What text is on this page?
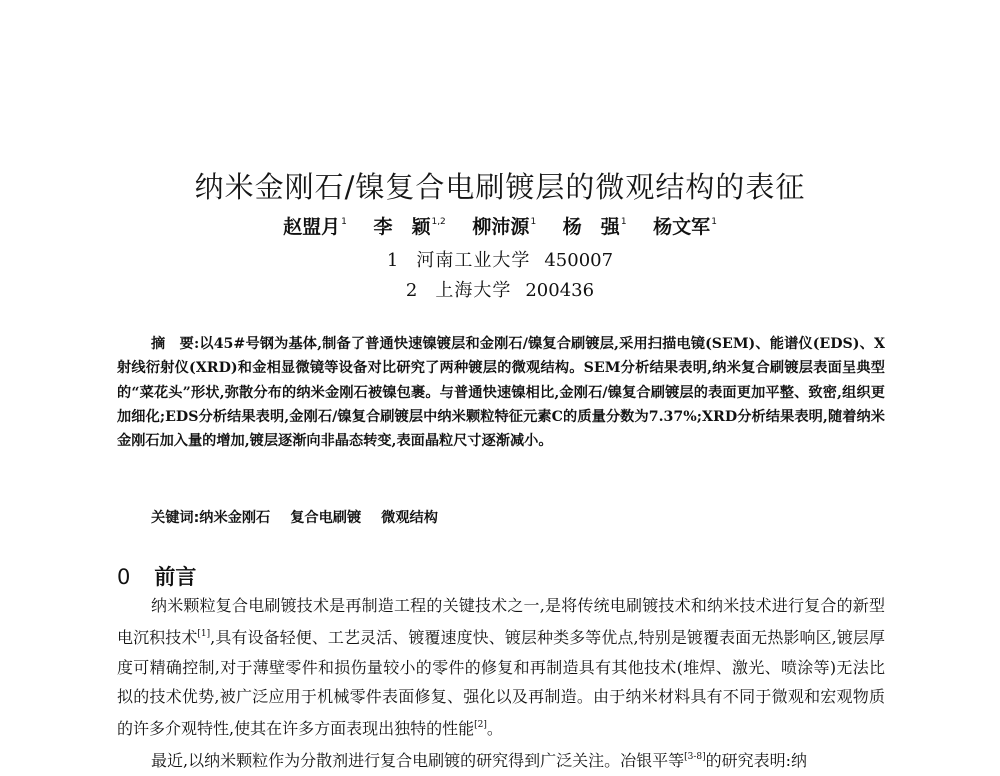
纳米金刚石/镍复合电刷镀层的微观结构的表征
赵盟月$^1$ 李　颖$^{1,2}$ 柳沛源$^1$ 杨　强$^1$ 杨文军$^1$
1 河南工业大学 450007
2 上海大学 200436
摘　要:以45#号钢为基体,制备了普通快速镍镀层和金刚石/镍复合刷镀层,采用扫描电镜(SEM)、能谱仪(EDS)、X射线衍射仪(XRD)和金相显微镜等设备对比研究了两种镀层的微观结构。SEM分析结果表明,纳米复合刷镀层表面呈典型的“菜花头”形状,弥散分布的纳米金刚石被镍包裹。与普通快速镍相比,金刚石/镍复合刷镀层的表面更加平整、致密,组织更加细化;EDS分析结果表明,金刚石/镍复合刷镀层中纳米颗粒特征元素C的质量分数为7.37%;XRD分析结果表明,随着纳米金刚石加入量的增加,镀层逐渐向非晶态转变,表面晶粒尺寸逐渐减小。
关键词:纳米金刚石 复合电刷镀 微观结构
0 前言

纳米颗粒复合电刷镀技术是再制造工程的关键技术之一,是将传统电刷镀技术和纳米技术进行复合的新型电沉积技术[1],具有设备轻便、工艺灵活、镀覆速度快、镀层种类多等优点,特别是镀覆表面无热影响区,镀层厚度可精确控制,对于薄壁零件和损伤量较小的零件的修复和再制造具有其他技术(堆焊、激光、喷涂等)无法比拟的技术优势,被广泛应用于机械零件表面修复、强化以及再制造。由于纳米材料具有不同于微观和宏观物质的许多介观特性,使其在许多方面表现出独特的性能[2]。

最近,以纳米颗粒作为分散剂进行复合电刷镀的研究得到广泛关注。冶银平等[3-8]的研究表明:纳
